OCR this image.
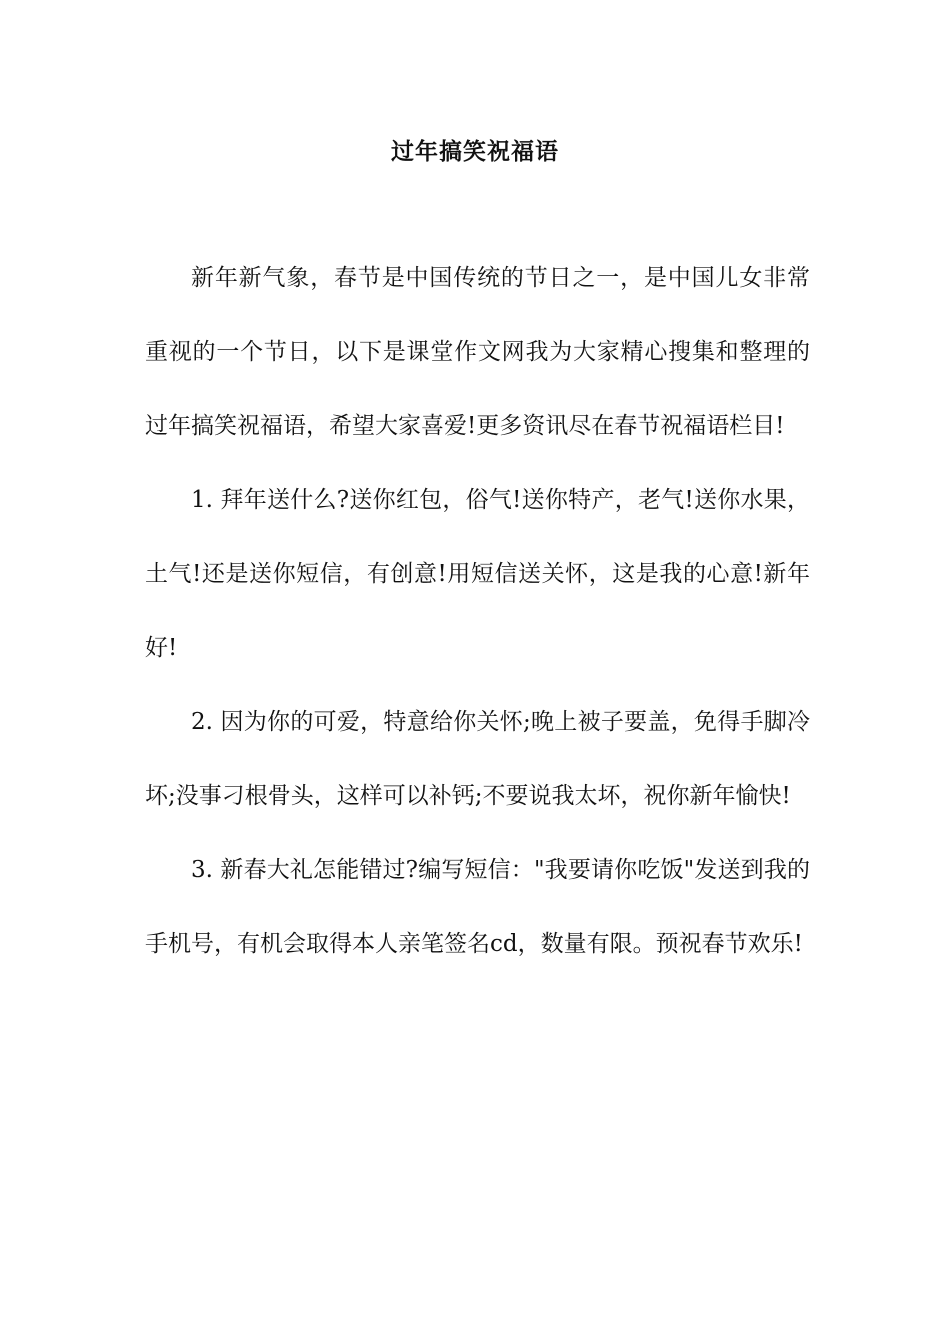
过年搞笑祝福语

新年新气象，春节是中国传统的节日之一，是中国儿女非常重视的一个节日，以下是课堂作文网我为大家精心搜集和整理的过年搞笑祝福语，希望大家喜爱!更多资讯尽在春节祝福语栏目!

1. 拜年送什么?送你红包，俗气!送你特产，老气!送你水果，土气!还是送你短信，有创意!用短信送关怀，这是我的心意!新年好!

2. 因为你的可爱，特意给你关怀;晚上被子要盖，免得手脚冷坏;没事刁根骨头，这样可以补钙;不要说我太坏，祝你新年愉快!

3. 新春大礼怎能错过?编写短信："我要请你吃饭"发送到我的手机号，有机会取得本人亲笔签名cd，数量有限。预祝春节欢乐!
